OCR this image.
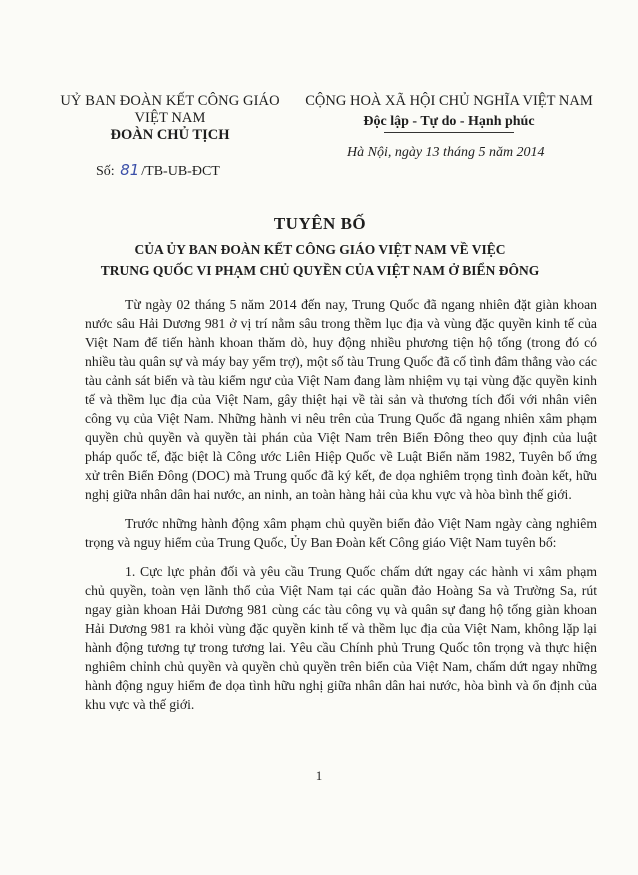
UỶ BAN ĐOÀN KẾT CÔNG GIÁO
VIỆT NAM
ĐOÀN CHỦ TỊCH
CỘNG HOÀ XÃ HỘI CHỦ NGHĨA VIỆT NAM
Độc lập - Tự do - Hạnh phúc
Hà Nội, ngày 13 tháng 5 năm 2014
Số: 81 /TB-UB-ĐCT
TUYÊN BỐ
CỦA ỦY BAN ĐOÀN KẾT CÔNG GIÁO VIỆT NAM VỀ VIỆC
TRUNG QUỐC VI PHẠM CHỦ QUYỀN CỦA VIỆT NAM Ở BIỂN ĐÔNG

Từ ngày 02 tháng 5 năm 2014 đến nay, Trung Quốc đã ngang nhiên đặt giàn khoan nước sâu Hải Dương 981 ở vị trí nằm sâu trong thềm lục địa và vùng đặc quyền kinh tế của Việt Nam để tiến hành khoan thăm dò, huy động nhiều phương tiện hộ tống (trong đó có nhiều tàu quân sự và máy bay yểm trợ), một số tàu Trung Quốc đã cố tình đâm thẳng vào các tàu cảnh sát biển và tàu kiểm ngư của Việt Nam đang làm nhiệm vụ tại vùng đặc quyền kinh tế và thềm lục địa của Việt Nam, gây thiệt hại về tài sản và thương tích đối với nhân viên công vụ của Việt Nam. Những hành vi nêu trên của Trung Quốc đã ngang nhiên xâm phạm quyền chủ quyền và quyền tài phán của Việt Nam trên Biển Đông theo quy định của luật pháp quốc tế, đặc biệt là Công ước Liên Hiệp Quốc về Luật Biển năm 1982, Tuyên bố ứng xử trên Biển Đông (DOC) mà Trung quốc đã ký kết, đe dọa nghiêm trọng tình đoàn kết, hữu nghị giữa nhân dân hai nước, an ninh, an toàn hàng hải của khu vực và hòa bình thế giới.

Trước những hành động xâm phạm chủ quyền biển đảo Việt Nam ngày càng nghiêm trọng và nguy hiểm của Trung Quốc, Ủy Ban Đoàn kết Công giáo Việt Nam tuyên bố:

1. Cực lực phản đối và yêu cầu Trung Quốc chấm dứt ngay các hành vi xâm phạm chủ quyền, toàn vẹn lãnh thổ của Việt Nam tại các quần đảo Hoàng Sa và Trường Sa, rút ngay giàn khoan Hải Dương 981 cùng các tàu công vụ và quân sự đang hộ tống giàn khoan Hải Dương 981 ra khỏi vùng đặc quyền kinh tế và thềm lục địa của Việt Nam, không lặp lại hành động tương tự trong tương lai. Yêu cầu Chính phủ Trung Quốc tôn trọng và thực hiện nghiêm chỉnh chủ quyền và quyền chủ quyền trên biển của Việt Nam, chấm dứt ngay những hành động nguy hiểm đe dọa tình hữu nghị giữa nhân dân hai nước, hòa bình và ổn định của khu vực và thế giới.

1
